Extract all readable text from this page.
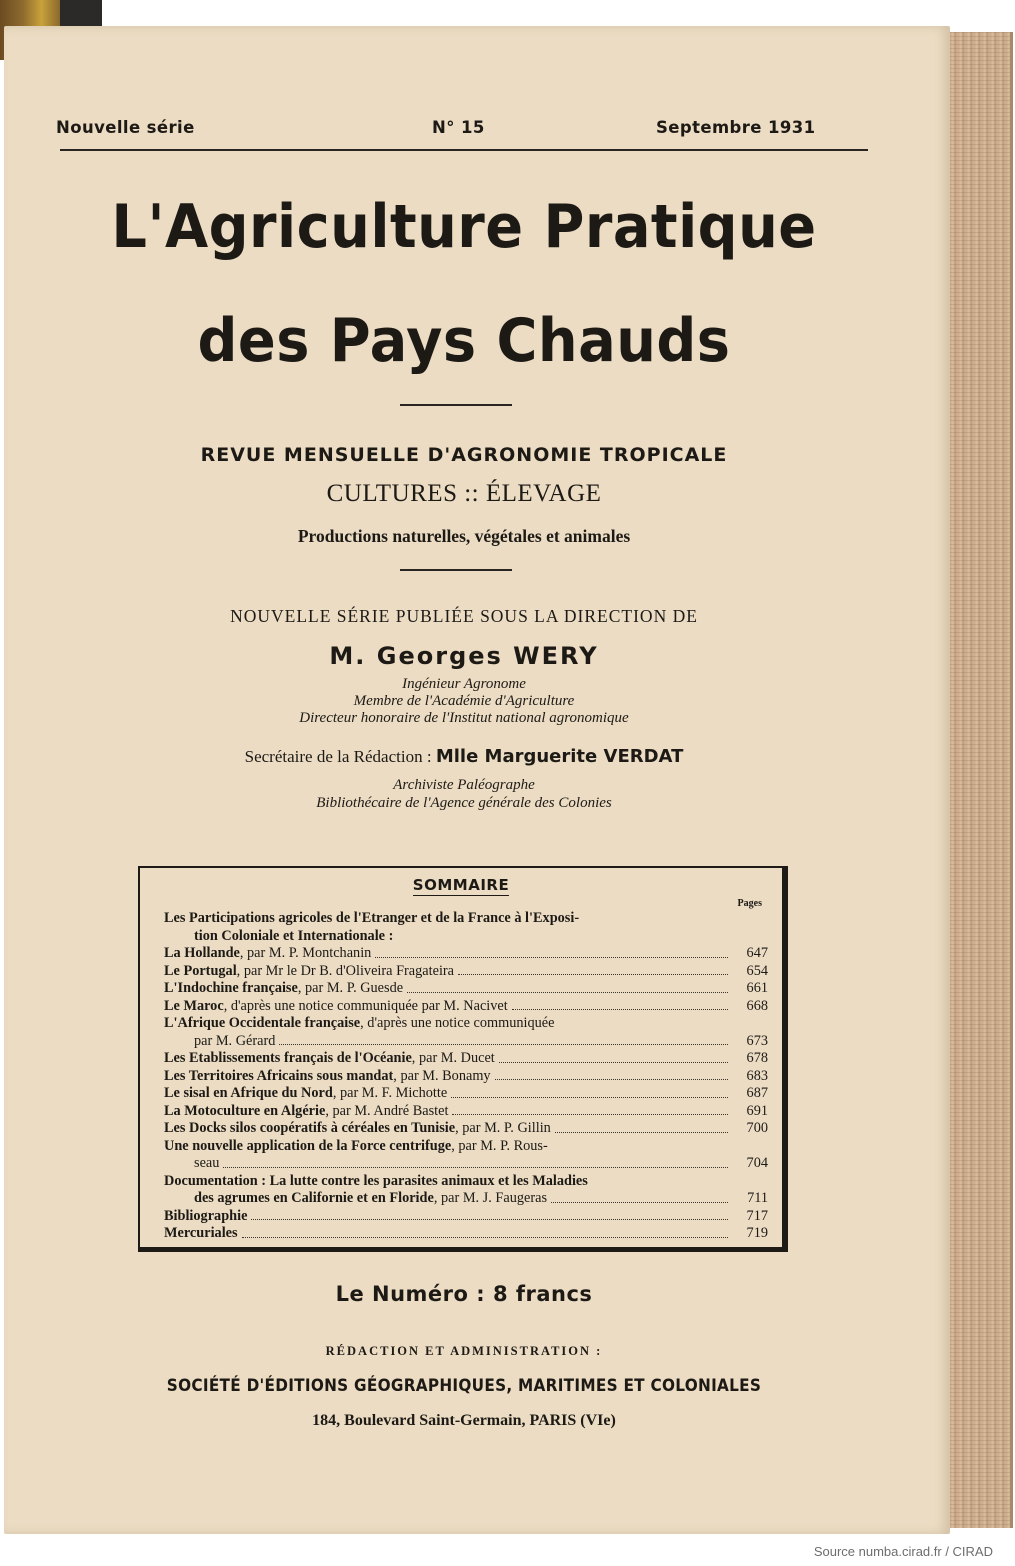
Nouvelle série	N° 15	Septembre 1931
L'Agriculture Pratique
des Pays Chauds
REVUE MENSUELLE D'AGRONOMIE TROPICALE
CULTURES :: ÉLEVAGE
Productions naturelles, végétales et animales
NOUVELLE SÉRIE PUBLIÉE SOUS LA DIRECTION DE
M. Georges WERY
Ingénieur Agronome
Membre de l'Académie d'Agriculture
Directeur honoraire de l'Institut national agronomique
Secrétaire de la Rédaction : Mlle Marguerite VERDAT
Archiviste Paléographe
Bibliothécaire de l'Agence générale des Colonies
SOMMAIRE
Pages
Les Participations agricoles de l'Etranger et de la France à l'Exposi-
tion Coloniale et Internationale :
La Hollande, par M. P. Montchanin	647
Le Portugal, par Mr le Dr B. d'Oliveira Fragateira	654
L'Indochine française, par M. P. Guesde	661
Le Maroc, d'après une notice communiquée par M. Nacivet	668
L'Afrique Occidentale française, d'après une notice communiquée
par M. Gérard	673
Les Etablissements français de l'Océanie, par M. Ducet	678
Les Territoires Africains sous mandat, par M. Bonamy	683
Le sisal en Afrique du Nord, par M. F. Michotte	687
La Motoculture en Algérie, par M. André Bastet	691
Les Docks silos coopératifs à céréales en Tunisie, par M. P. Gillin	700
Une nouvelle application de la Force centrifuge, par M. P. Rous-
seau	704
Documentation : La lutte contre les parasites animaux et les Maladies
des agrumes en Californie et en Floride, par M. J. Faugeras	711
Bibliographie	717
Mercuriales	719
Le Numéro : 8 francs
RÉDACTION ET ADMINISTRATION :
SOCIÉTÉ D'ÉDITIONS GÉOGRAPHIQUES, MARITIMES ET COLONIALES
184, Boulevard Saint-Germain, PARIS (VIe)
Source numba.cirad.fr / CIRAD
